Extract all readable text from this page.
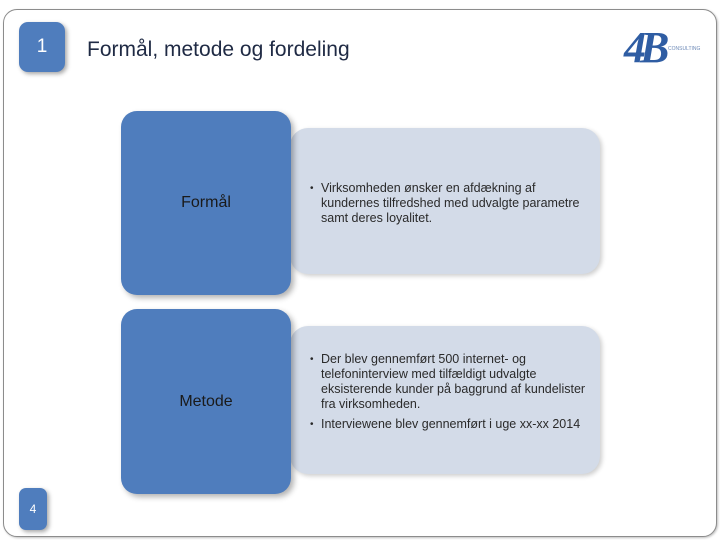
1 Formål, metode og fordeling	4B CONSULTING
Formål
• Virksomheden ønsker en afdækning af kundernes tilfredshed med udvalgte parametre samt deres loyalitet.
Metode
• Der blev gennemført 500 internet- og telefoninterview med tilfældigt udvalgte eksisterende kunder på baggrund af kundelister fra virksomheden.
• Interviewene blev gennemført i uge xx-xx 2014
4
